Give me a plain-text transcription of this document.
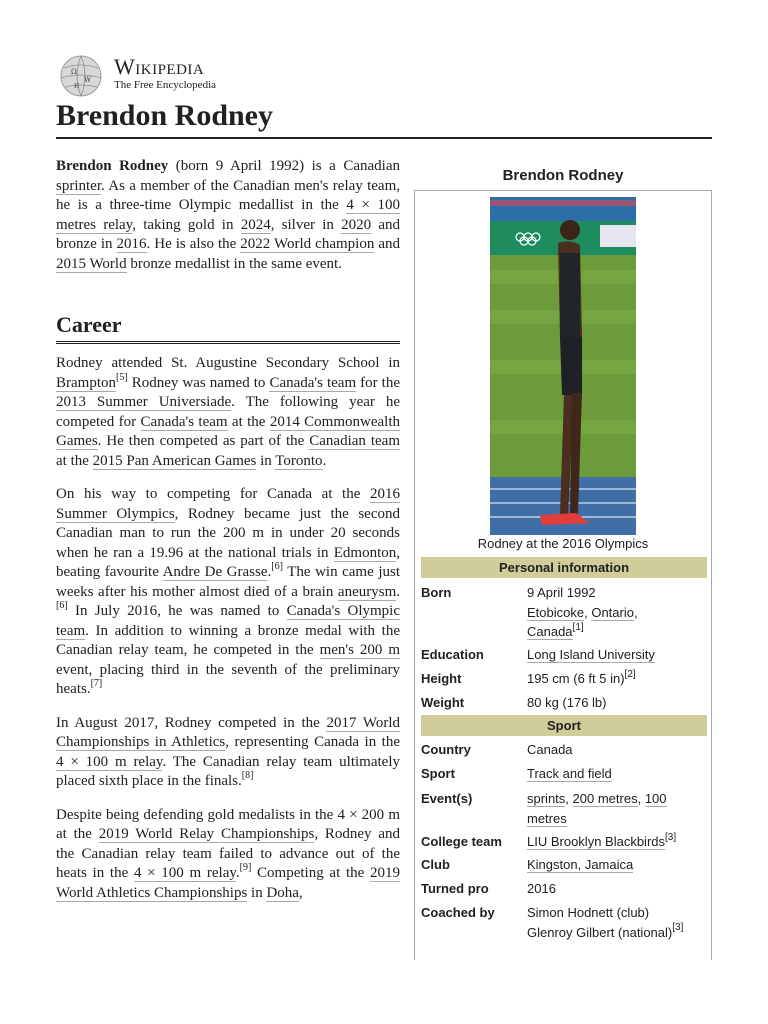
Ω
W
И
Wikipedia
The Free Encyclopedia
Brendon Rodney

Brendon Rodney (born 9 April 1992) is a Canadian sprinter. As a member of the Canadian men's relay team, he is a three-time Olympic medallist in the 4 × 100 metres relay, taking gold in 2024, silver in 2020 and bronze in 2016. He is also the 2022 World champion and 2015 World bronze medallist in the same event.

Career

Rodney attended St. Augustine Secondary School in Brampton[5] Rodney was named to Canada's team for the 2013 Summer Universiade. The following year he competed for Canada's team at the 2014 Commonwealth Games. He then competed as part of the Canadian team at the 2015 Pan American Games in Toronto.

On his way to competing for Canada at the 2016 Summer Olympics, Rodney became just the second Canadian man to run the 200 m in under 20 seconds when he ran a 19.96 at the national trials in Edmonton, beating favourite Andre De Grasse.[6] The win came just weeks after his mother almost died of a brain aneurysm.[6] In July 2016, he was named to Canada's Olympic team. In addition to winning a bronze medal with the Canadian relay team, he competed in the men's 200 m event, placing third in the seventh of the preliminary heats.[7]

In August 2017, Rodney competed in the 2017 World Championships in Athletics, representing Canada in the 4 × 100 m relay. The Canadian relay team ultimately placed sixth place in the finals.[8]

Despite being defending gold medalists in the 4 × 200 m at the 2019 World Relay Championships, Rodney and the Canadian relay team failed to advance out of the heats in the 4 × 100 m relay.[9] Competing at the 2019 World Athletics Championships in Doha,

Brendon Rodney
Rodney at the 2016 Olympics
Personal information
Born	9 April 1992
Etobicoke, Ontario,
Canada[1]
Education	Long Island University
Height	195 cm (6 ft 5 in)[2]
Weight	80 kg (176 lb)
Sport
Country	Canada
Sport	Track and field
Event(s)	sprints, 200 metres, 100 metres
College team	LIU Brooklyn Blackbirds[3]
Club	Kingston, Jamaica
Turned pro	2016
Coached by	Simon Hodnett (club)
Glenroy Gilbert (national)[3]
